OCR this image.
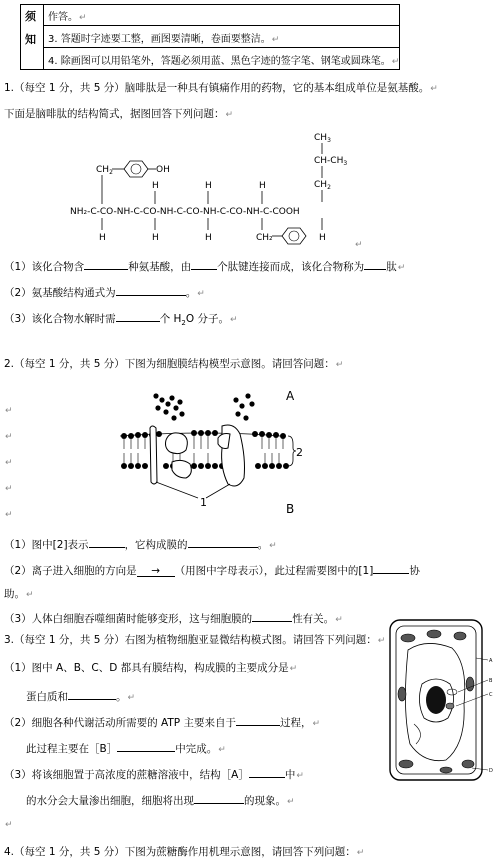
须
知
作答。↵
3. 答题时字迹要工整，画图要清晰，卷面要整洁。↵
4. 除画图可以用铅笔外，答题必须用蓝、黑色字迹的签字笔、钢笔或圆珠笔。↵
1.（每空 1 分，共 5 分）脑啡肽是一种具有镇痛作用的药物，它的基本组成单位是氨基酸。↵
下面是脑啡肽的结构简式，据图回答下列问题：↵
$CH_3$
$CH-CH_3$
$CH_2$
$CH_2$	OH
H	H	H
NH₂-C-CO-NH-C-CO-NH-C-CO-NH-C-CO-NH-C-COOH
H	H	H	H
CH₂
↵
（1）该化合物含	种氨基酸，由 个肽键连接而成，该化合物称为 肽↵
（2）氨基酸结构通式为	。↵
（3）该化合物水解时需	个 $H_2O$ 分子。↵
2.（每空 1 分，共 5 分）下图为细胞膜结构模型示意图。请回答问题：↵
↵
↵
↵
↵
↵
A
B
2
1
（1）图中[2]表示	，它构成膜的	。↵
（2）离子进入细胞的方向是 → （用图中字母表示），此过程需要图中的[1]	协
助。↵
（3）人体白细胞吞噬细菌时能够变形，这与细胞膜的	性有关。↵
3.（每空 1 分，共 5 分）右图为植物细胞亚显微结构模式图。请回答下列问题：↵
（1）图中 A、B、C、D 都具有膜结构，构成膜的主要成分是↵
蛋白质和	。↵
（2）细胞各种代谢活动所需要的 ATP 主要来自于	过程，↵
此过程主要在［B］	中完成。↵
（3）将该细胞置于高浓度的蔗糖溶液中，结构［A］	中↵
的水分会大量渗出细胞，细胞将出现	的现象。↵
↵
A
B
C
D
4.（每空 1 分，共 5 分）下图为蔗糖酶作用机理示意图，请回答下列问题：↵
